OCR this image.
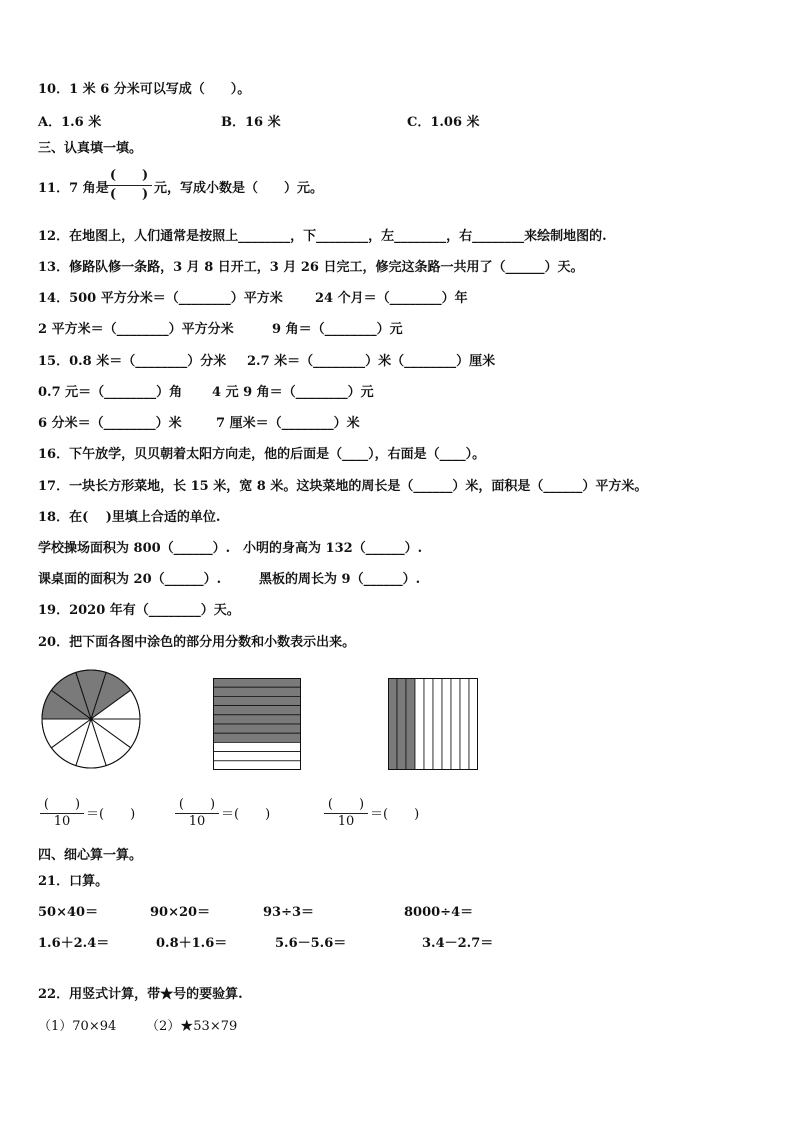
10．1 米 6 分米可以写成（　　）。
A．1.6 米	B．16 米	C．1.06 米
三、认真填一填。
11．7 角是
(　　)
(　　) 元，写成小数是（　　）元。
12．在地图上，人们通常是按照上________，下________，左________，右________来绘制地图的.
13．修路队修一条路，3 月 8 日开工，3 月 26 日完工，修完这条路一共用了（______）天。
14．500 平方分米＝（________）平方米 24 个月＝（________）年
2 平方米＝（________）平方分米	9 角＝（________）元
15．0.8 米＝（________）分米 2.7 米＝（________）米（________）厘米
0.7 元＝（________）角 4 元 9 角＝（________）元
6 分米＝（________）米	7 厘米＝（________）米
16．下午放学，贝贝朝着太阳方向走，他的后面是（____），右面是（____）。
17．一块长方形菜地，长 15 米，宽 8 米。这块菜地的周长是（______）米，面积是（______）平方米。
18．在(　 )里填上合适的单位.
学校操场面积为 800（______）. 小明的身高为 132（______）.
课桌面的面积为 20（______）.	黑板的周长为 9（______）.
19．2020 年有（________）天。
20．把下面各图中涂色的部分用分数和小数表示出来。
(　　)
10	＝(　　)
(　　)
10	＝(　　)
(　　)
10	＝(　　)
四、细心算一算。
21．口算。
50×40＝	90×20＝	93÷3＝	8000÷4＝
1.6＋2.4＝	0.8＋1.6＝	5.6－5.6＝	3.4－2.7＝
22．用竖式计算，带★号的要验算.
（1）70×94 （2）★53×79
